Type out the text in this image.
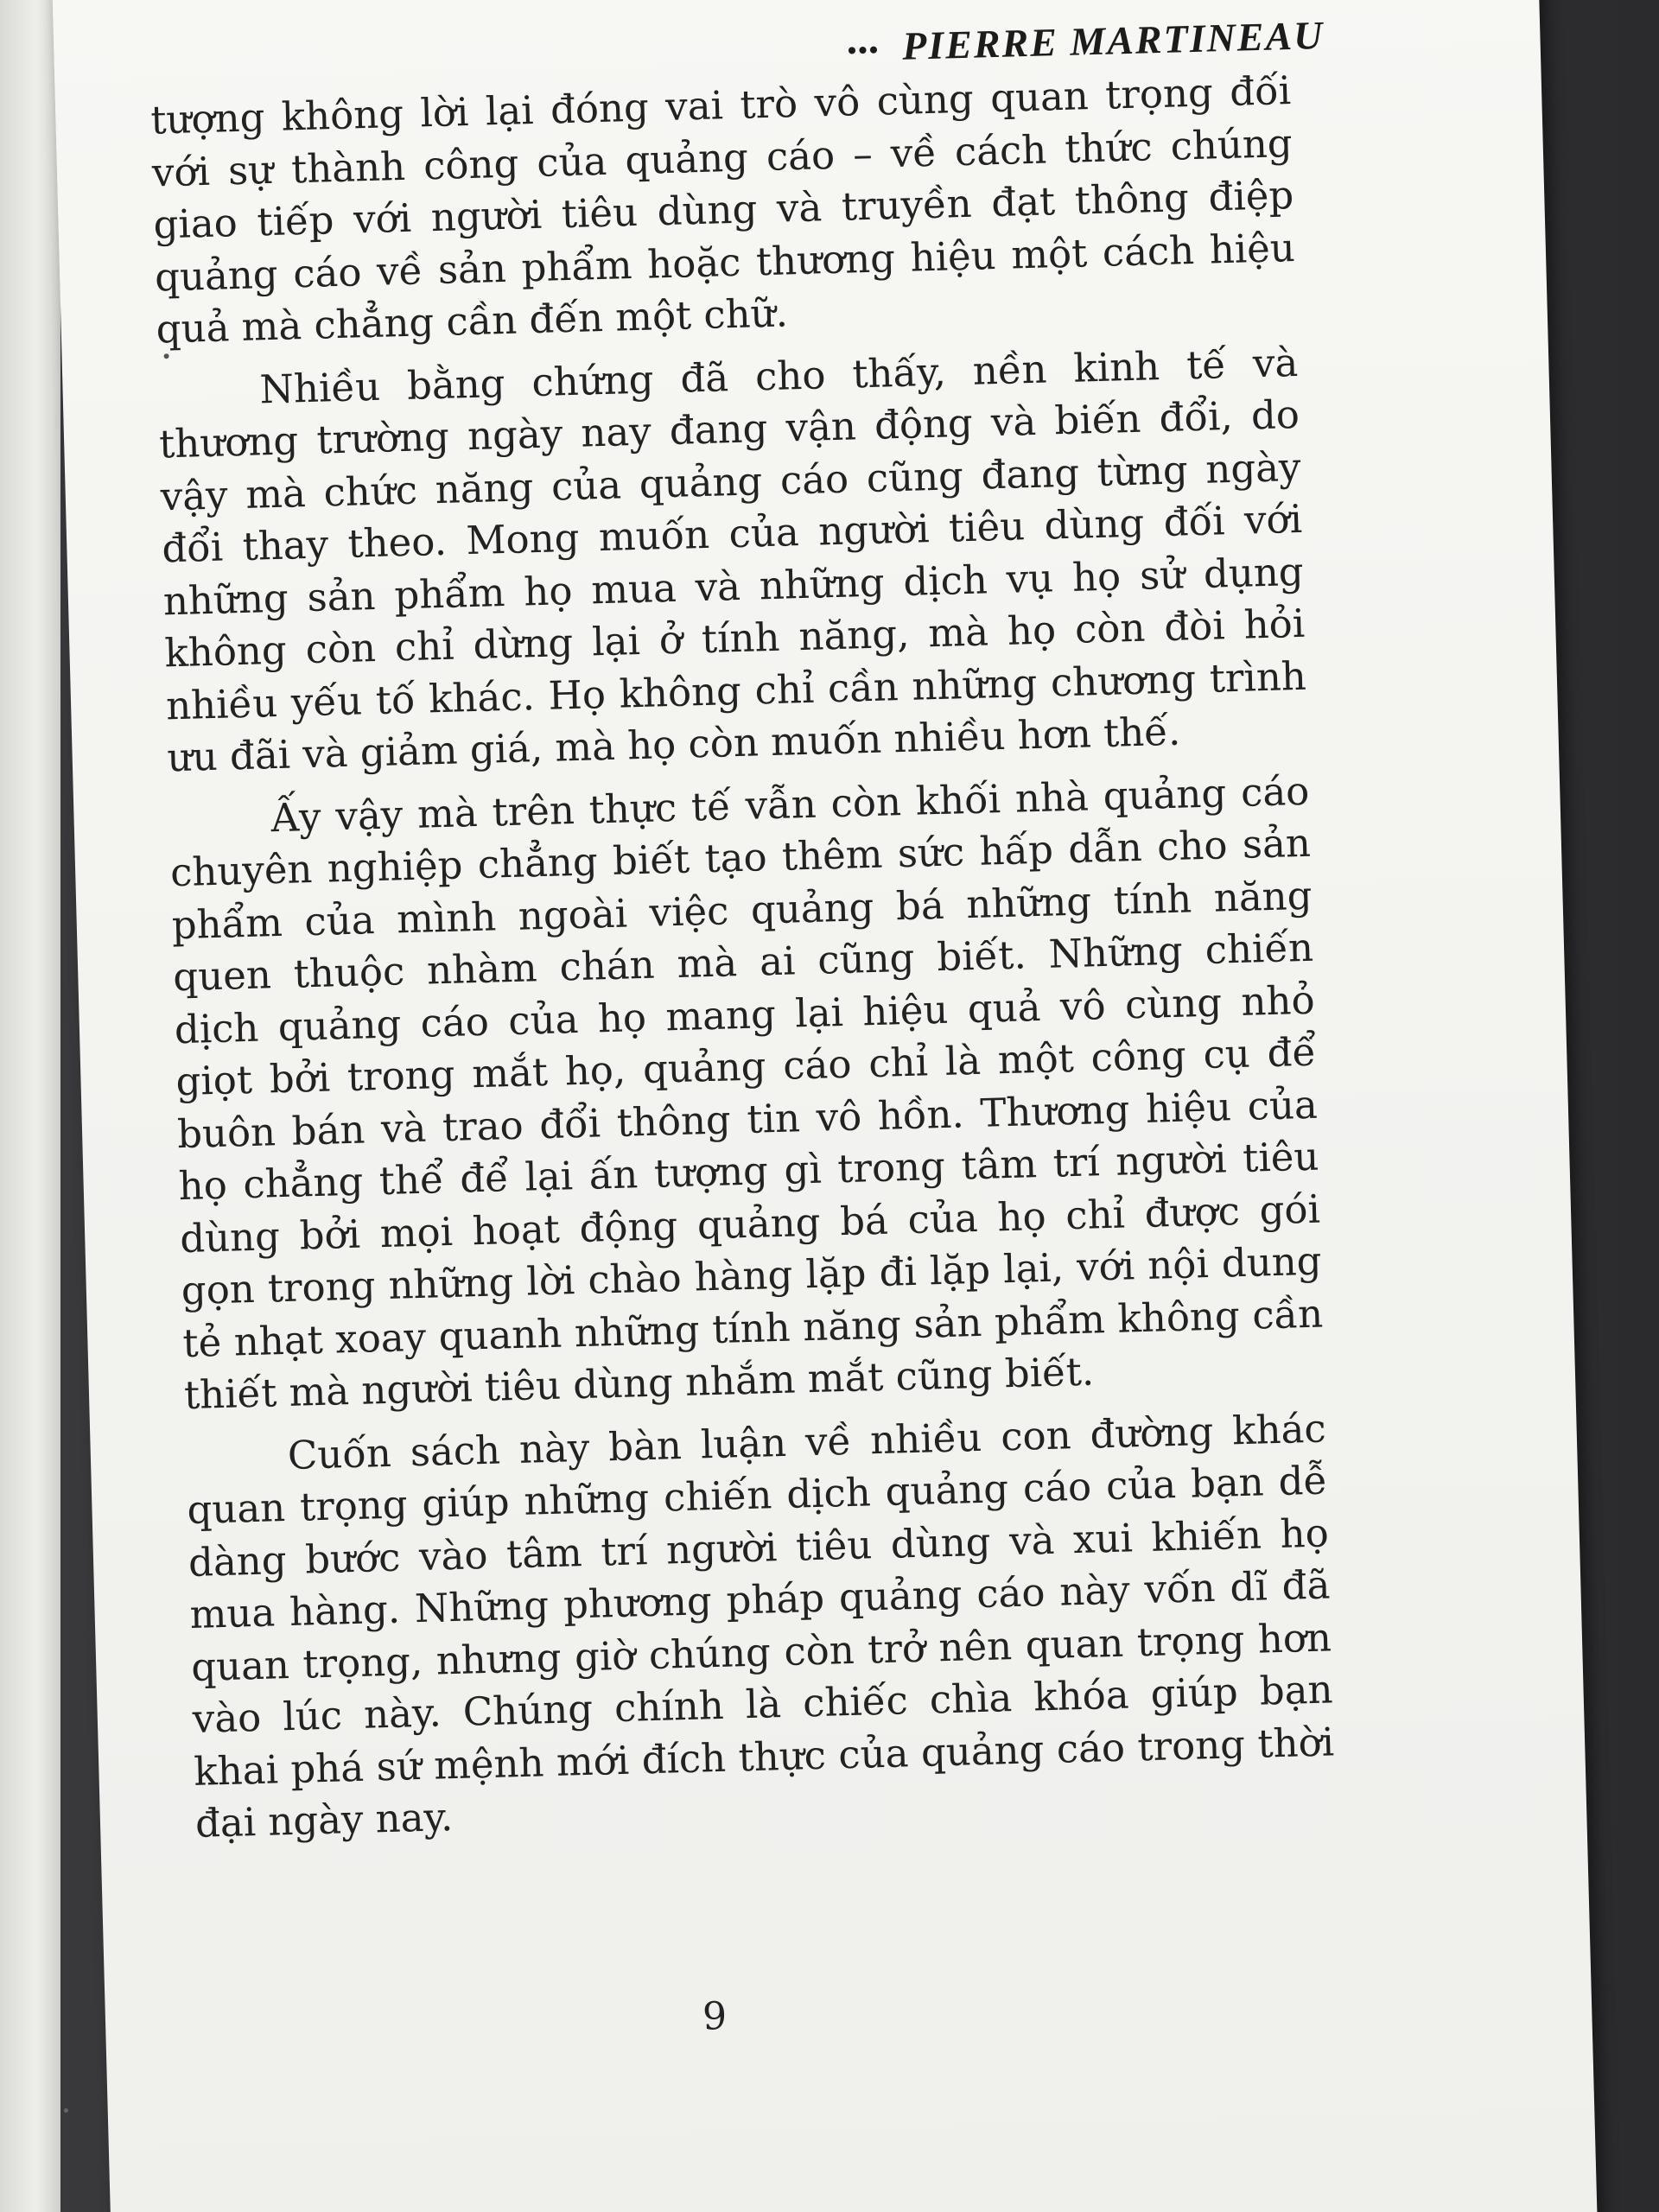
••• PIERRE MARTINEAU

tượng không lời lại đóng vai trò vô cùng quan trọng đối với sự thành công của quảng cáo – về cách thức chúng giao tiếp với người tiêu dùng và truyền đạt thông điệp quảng cáo về sản phẩm hoặc thương hiệu một cách hiệu quả mà chẳng cần đến một chữ.

Nhiều bằng chứng đã cho thấy, nền kinh tế và thương trường ngày nay đang vận động và biến đổi, do vậy mà chức năng của quảng cáo cũng đang từng ngày đổi thay theo. Mong muốn của người tiêu dùng đối với những sản phẩm họ mua và những dịch vụ họ sử dụng không còn chỉ dừng lại ở tính năng, mà họ còn đòi hỏi nhiều yếu tố khác. Họ không chỉ cần những chương trình ưu đãi và giảm giá, mà họ còn muốn nhiều hơn thế.

Ấy vậy mà trên thực tế vẫn còn khối nhà quảng cáo chuyên nghiệp chẳng biết tạo thêm sức hấp dẫn cho sản phẩm của mình ngoài việc quảng bá những tính năng quen thuộc nhàm chán mà ai cũng biết. Những chiến dịch quảng cáo của họ mang lại hiệu quả vô cùng nhỏ giọt bởi trong mắt họ, quảng cáo chỉ là một công cụ để buôn bán và trao đổi thông tin vô hồn. Thương hiệu của họ chẳng thể để lại ấn tượng gì trong tâm trí người tiêu dùng bởi mọi hoạt động quảng bá của họ chỉ được gói gọn trong những lời chào hàng lặp đi lặp lại, với nội dung tẻ nhạt xoay quanh những tính năng sản phẩm không cần thiết mà người tiêu dùng nhắm mắt cũng biết.

Cuốn sách này bàn luận về nhiều con đường khác quan trọng giúp những chiến dịch quảng cáo của bạn dễ dàng bước vào tâm trí người tiêu dùng và xui khiến họ mua hàng. Những phương pháp quảng cáo này vốn dĩ đã quan trọng, nhưng giờ chúng còn trở nên quan trọng hơn vào lúc này. Chúng chính là chiếc chìa khóa giúp bạn khai phá sứ mệnh mới đích thực của quảng cáo trong thời đại ngày nay.

9
